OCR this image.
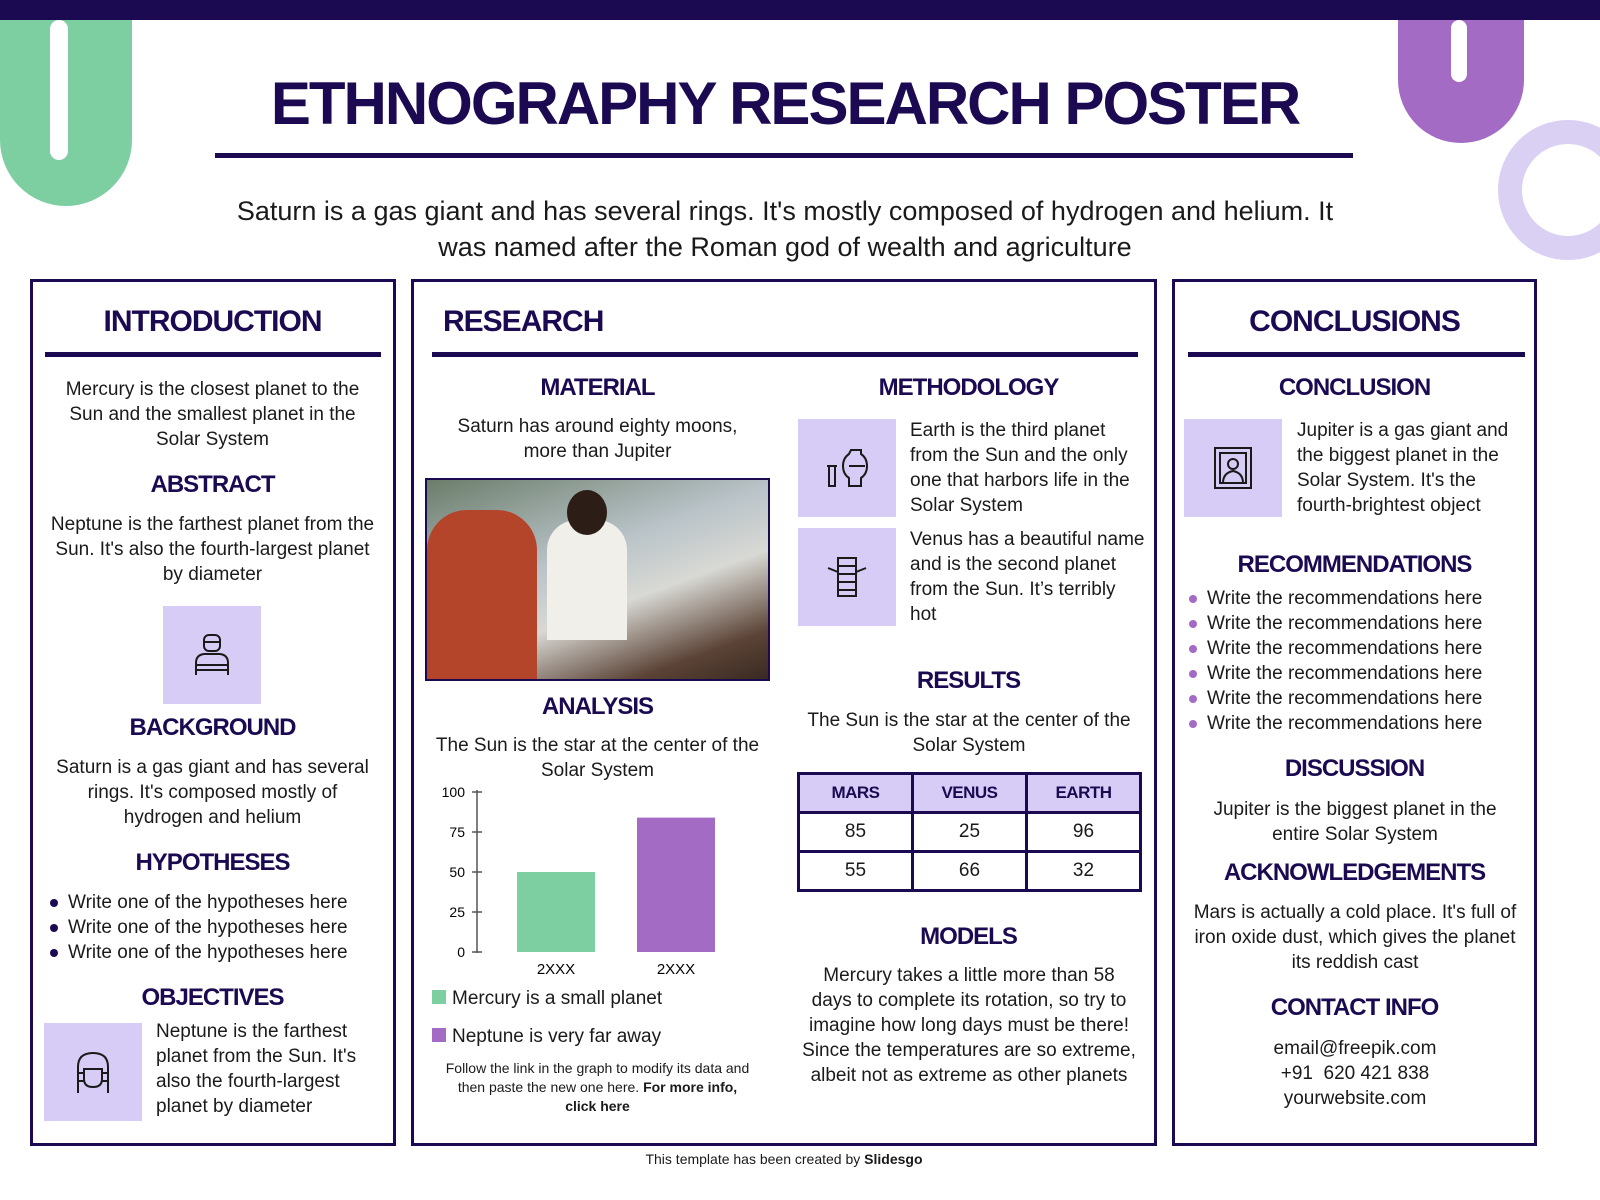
ETHNOGRAPHY RESEARCH POSTER
Saturn is a gas giant and has several rings. It's mostly composed of hydrogen and helium. It was named after the Roman god of wealth and agriculture
INTRODUCTION
Mercury is the closest planet to the Sun and the smallest planet in the Solar System
ABSTRACT
Neptune is the farthest planet from the Sun. It's also the fourth-largest planet by diameter
BACKGROUND
Saturn is a gas giant and has several rings. It's composed mostly of hydrogen and helium
HYPOTHESES
Write one of the hypotheses here
Write one of the hypotheses here
Write one of the hypotheses here
OBJECTIVES
Neptune is the farthest planet from the Sun. It's also the fourth-largest planet by diameter
RESEARCH
MATERIAL
Saturn has around eighty moons, more than Jupiter
ANALYSIS
The Sun is the star at the center of the Solar System
0
25
50
75
100
2XXX	2XXX
Mercury is a small planet
Neptune is very far away
Follow the link in the graph to modify its data and then paste the new one here. For more info, click here
METHODOLOGY
Earth is the third planet from the Sun and the only one that harbors life in the Solar System
Venus has a beautiful name and is the second planet from the Sun. It’s terribly hot
RESULTS
The Sun is the star at the center of the Solar System
MARS	VENUS	EARTH
85	25	96
55	66	32
MODELS
Mercury takes a little more than 58 days to complete its rotation, so try to imagine how long days must be there! Since the temperatures are so extreme, albeit not as extreme as other planets
CONCLUSIONS
CONCLUSION
Jupiter is a gas giant and the biggest planet in the Solar System. It's the fourth-brightest object
RECOMMENDATIONS
Write the recommendations here
Write the recommendations here
Write the recommendations here
Write the recommendations here
Write the recommendations here
Write the recommendations here
DISCUSSION
Jupiter is the biggest planet in the entire Solar System
ACKNOWLEDGEMENTS
Mars is actually a cold place. It's full of iron oxide dust, which gives the planet its reddish cast
CONTACT INFO
email@freepik.com
+91  620 421 838
yourwebsite.com
This template has been created by Slidesgo
